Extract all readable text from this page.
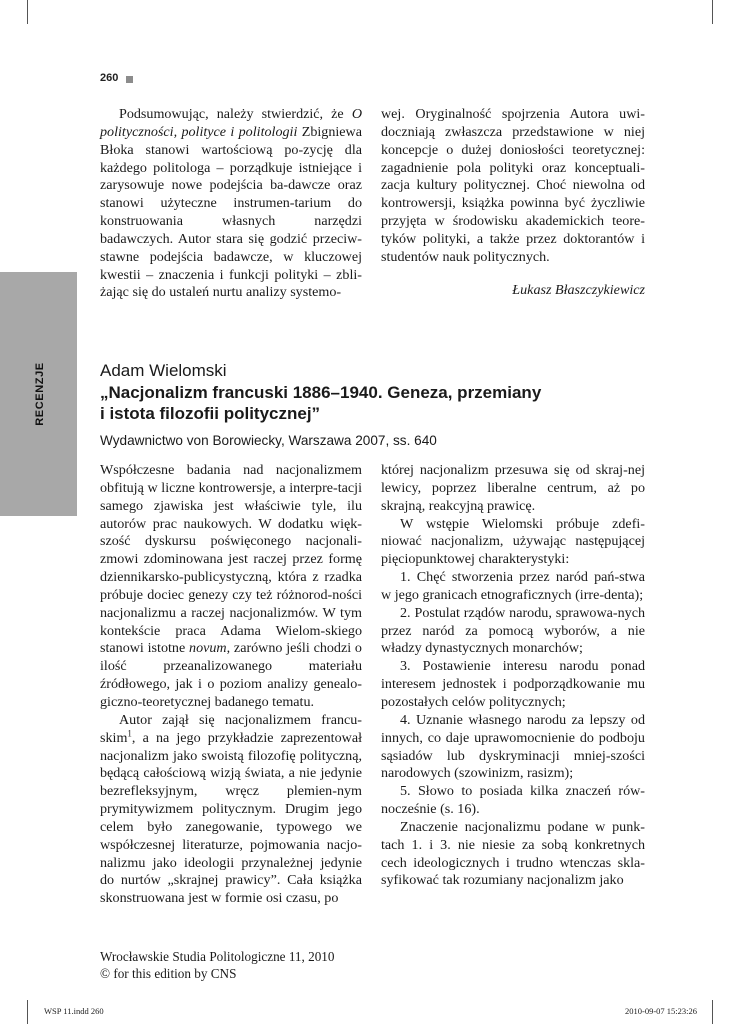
RECENZJE
260

Podsumowując, należy stwierdzić, że O polityczności, polityce i politologii Zbigniewa Błoka stanowi wartościową po-zycję dla każdego politologa – porządkuje istniejące i zarysowuje nowe podejścia ba-dawcze oraz stanowi użyteczne instrumen-tarium do konstruowania własnych narzędzi badawczych. Autor stara się godzić przeciw-stawne podejścia badawcze, w kluczowej kwestii – znaczenia i funkcji polityki – zbli-żając się do ustaleń nurtu analizy systemo-

wej. Oryginalność spojrzenia Autora uwi-doczniają zwłaszcza przedstawione w niej koncepcje o dużej doniosłości teoretycznej: zagadnienie pola polityki oraz konceptuali-zacja kultury politycznej. Choć niewolna od kontrowersji, książka powinna być życzliwie przyjęta w środowisku akademickich teore-tyków polityki, a także przez doktorantów i studentów nauk politycznych.

Łukasz Błaszczykiewicz
Adam Wielomski
„Nacjonalizm francuski 1886–1940. Geneza, przemiany
i istota filozofii politycznej”
Wydawnictwo von Borowiecky, Warszawa 2007, ss. 640

Współczesne badania nad nacjonalizmem obfitują w liczne kontrowersje, a interpre-tacji samego zjawiska jest właściwie tyle, ilu autorów prac naukowych. W dodatku więk-szość dyskursu poświęconego nacjonali-zmowi zdominowana jest raczej przez formę dziennikarsko-publicystyczną, która z rzadka próbuje dociec genezy czy też różnorod-ności nacjonalizmu a raczej nacjonalizmów. W tym kontekście praca Adama Wielom-skiego stanowi istotne novum, zarówno jeśli chodzi o ilość przeanalizowanego materiału źródłowego, jak i o poziom analizy genealo-giczno-teoretycznej badanego tematu.

Autor zajął się nacjonalizmem francu-skim$^1$, a na jego przykładzie zaprezentował nacjonalizm jako swoistą filozofię polityczną, będącą całościową wizją świata, a nie jedynie bezrefleksyjnym, wręcz plemien-nym prymitywizmem politycznym. Drugim jego celem było zanegowanie, typowego we współczesnej literaturze, pojmowania nacjo-nalizmu jako ideologii przynależnej jedynie do nurtów „skrajnej prawicy”. Cała książka skonstruowana jest w formie osi czasu, po

której nacjonalizm przesuwa się od skraj-nej lewicy, poprzez liberalne centrum, aż po skrajną, reakcyjną prawicę.

W wstępie Wielomski próbuje zdefi-niować nacjonalizm, używając następującej pięciopunktowej charakterystyki:

1. Chęć stworzenia przez naród pań-stwa w jego granicach etnograficznych (irre-denta);

2. Postulat rządów narodu, sprawowa-nych przez naród za pomocą wyborów, a nie władzy dynastycznych monarchów;

3. Postawienie interesu narodu ponad interesem jednostek i podporządkowanie mu pozostałych celów politycznych;

4. Uznanie własnego narodu za lepszy od innych, co daje uprawomocnienie do podboju sąsiadów lub dyskryminacji mniej-szości narodowych (szowinizm, rasizm);

5. Słowo to posiada kilka znaczeń rów-nocześnie (s. 16).

Znaczenie nacjonalizmu podane w punk-tach 1. i 3. nie niesie za sobą konkretnych cech ideologicznych i trudno wtenczas skla-syfikować tak rozumiany nacjonalizm jako

Wrocławskie Studia Politologiczne 11, 2010
© for this edition by CNS
WSP 11.indd 260	2010-09-07 15:23:26
